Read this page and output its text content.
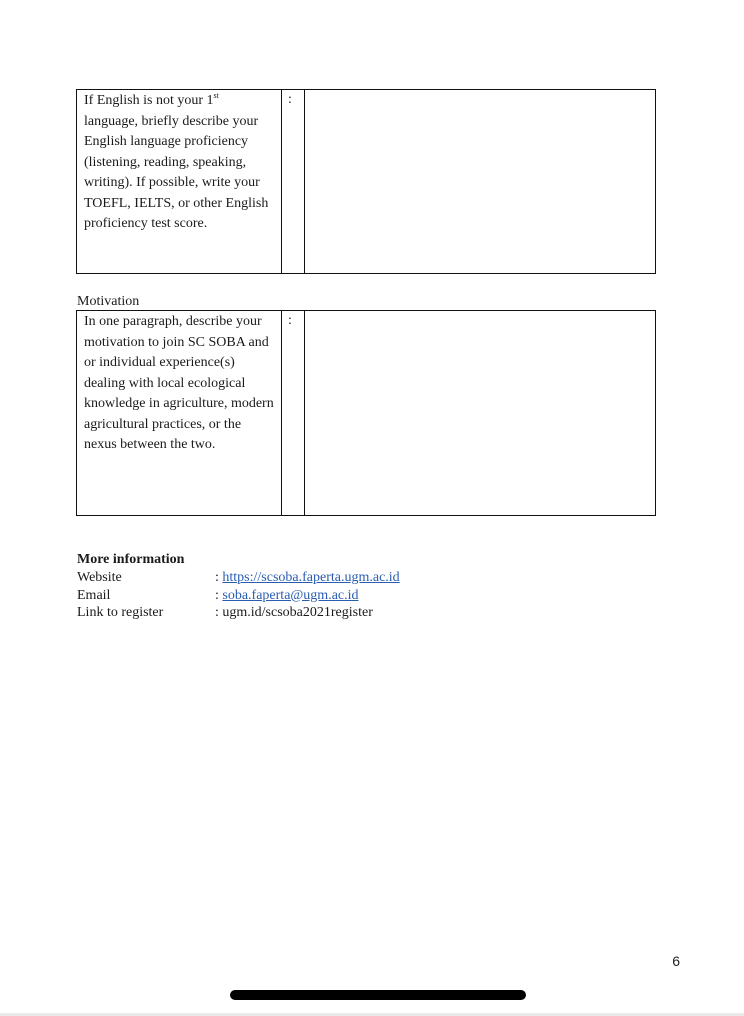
If English is not your 1st language, briefly describe your English language proficiency (listening, reading, speaking, writing). If possible, write your TOEFL, IELTS, or other English proficiency test score.	:	
Motivation
In one paragraph, describe your motivation to join SC SOBA and or individual experience(s) dealing with local ecological knowledge in agriculture, modern agricultural practices, or the nexus between the two.	:	
More information
Website	: https://scsoba.faperta.ugm.ac.id
Email	: soba.faperta@ugm.ac.id
Link to register	: ugm.id/scsoba2021register
6
